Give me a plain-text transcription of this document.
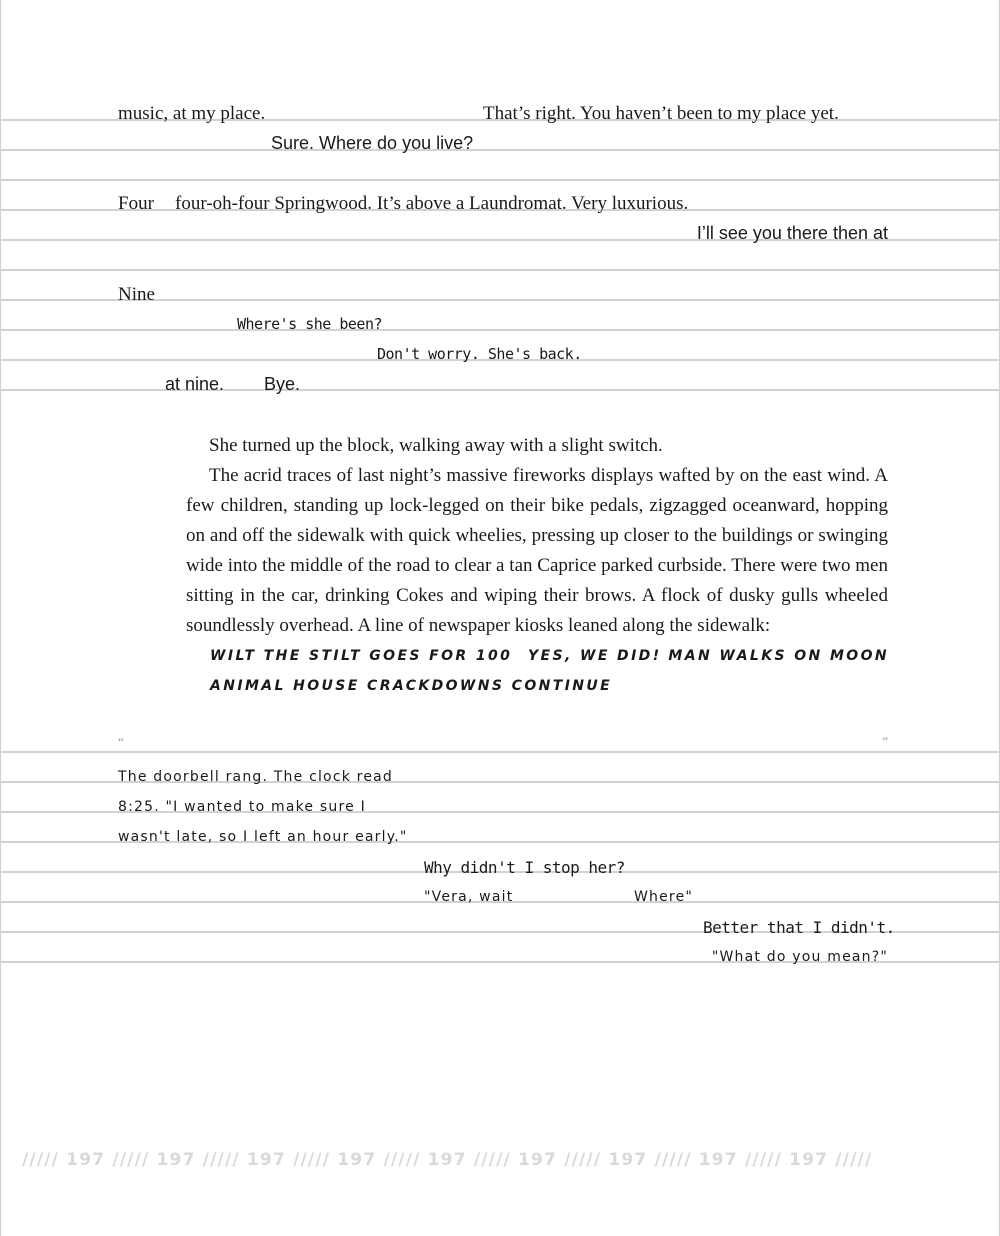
music, at my place.	That’s right. You haven’t been to my place yet.
Sure. Where do you live?
Four four-oh-four Springwood. It’s above a Laundromat. Very luxurious.
I’ll see you there then at
Nine
Where's she been?
Don't worry. She's back.
at nine. Bye.

She turned up the block, walking away with a slight switch.

The acrid traces of last night’s massive fireworks displays wafted by on the east wind. A few children, standing up lock-legged on their bike pedals, zigzagged oceanward, hopping on and off the sidewalk with quick wheelies, pressing up closer to the buildings or swinging wide into the middle of the road to clear a tan Caprice parked curbside. There were two men sitting in the car, drinking Cokes and wiping their brows. A flock of dusky gulls wheeled soundlessly overhead. A line of newspaper kiosks leaned along the sidewalk:

WILT THE STILT GOES FOR 100 YES, WE DID! MAN WALKS ON MOON
ANIMAL HOUSE CRACKDOWNS CONTINUE
“	”
The doorbell rang. The clock read
8:25. "I wanted to make sure I
wasn't late, so I left an hour early."
Why didn't I stop her?
"Vera, wait	Where"
Better that I didn't.
"What do you mean?"
///// 197 ///// 197 ///// 197 ///// 197 ///// 197 ///// 197 ///// 197 ///// 197 ///// 197 /////
